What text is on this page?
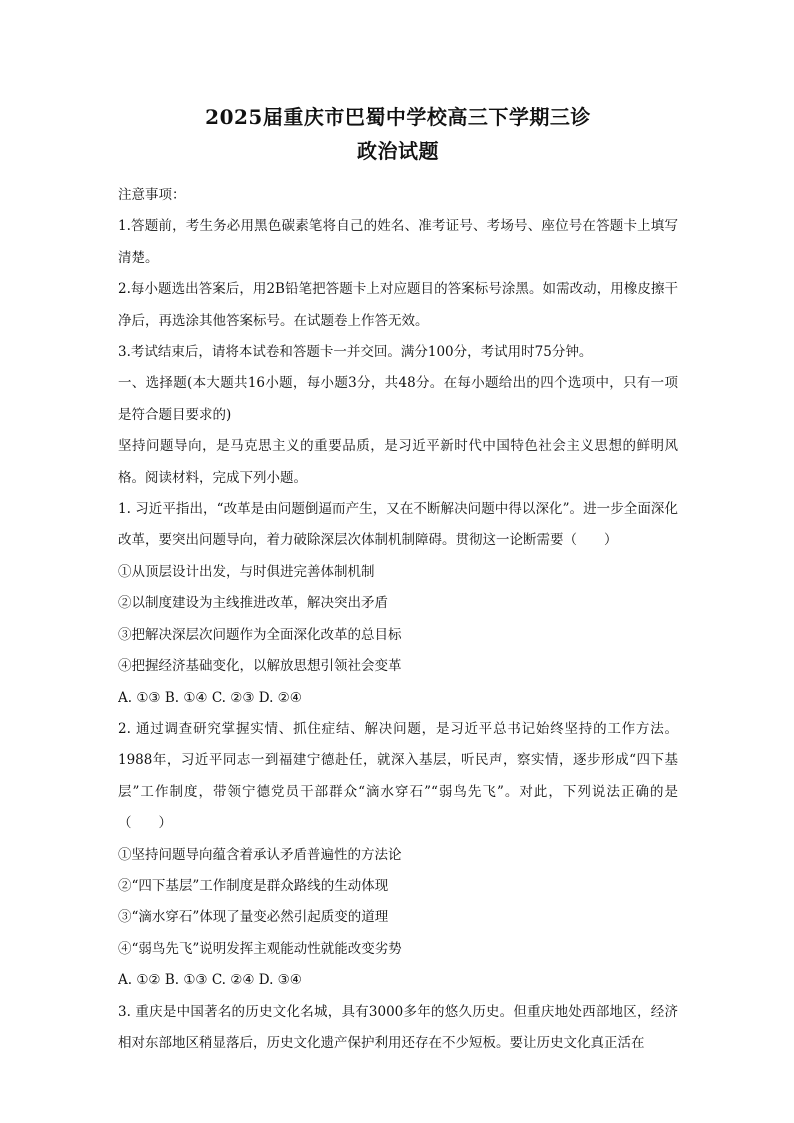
2025届重庆市巴蜀中学校高三下学期三诊
政治试题

注意事项：

1.答题前，考生务必用黑色碳素笔将自己的姓名、准考证号、考场号、座位号在答题卡上填写清楚。

2.每小题选出答案后，用2B铅笔把答题卡上对应题目的答案标号涂黑。如需改动，用橡皮擦干净后，再选涂其他答案标号。在试题卷上作答无效。

3.考试结束后，请将本试卷和答题卡一并交回。满分100分，考试用时75分钟。

一、选择题(本大题共16小题，每小题3分，共48分。在每小题给出的四个选项中，只有一项是符合题目要求的)

坚持问题导向，是马克思主义的重要品质，是习近平新时代中国特色社会主义思想的鲜明风格。阅读材料，完成下列小题。

1. 习近平指出，“改革是由问题倒逼而产生，又在不断解决问题中得以深化”。进一步全面深化改革，要突出问题导向，着力破除深层次体制机制障碍。贯彻这一论断需要（　　）

①从顶层设计出发，与时俱进完善体制机制

②以制度建设为主线推进改革，解决突出矛盾

③把解决深层次问题作为全面深化改革的总目标

④把握经济基础变化，以解放思想引领社会变革

A. ①③ B. ①④ C. ②③ D. ②④

2. 通过调查研究掌握实情、抓住症结、解决问题，是习近平总书记始终坚持的工作方法。1988年，习近平同志一到福建宁德赴任，就深入基层，听民声，察实情，逐步形成“四下基层”工作制度，带领宁德党员干部群众“滴水穿石”“弱鸟先飞”。对此，下列说法正确的是（　　）

①坚持问题导向蕴含着承认矛盾普遍性的方法论

②“四下基层”工作制度是群众路线的生动体现

③“滴水穿石”体现了量变必然引起质变的道理

④“弱鸟先飞”说明发挥主观能动性就能改变劣势

A. ①② B. ①③ C. ②④ D. ③④

3. 重庆是中国著名的历史文化名城，具有3000多年的悠久历史。但重庆地处西部地区，经济相对东部地区稍显落后，历史文化遗产保护利用还存在不少短板。要让历史文化真正活在
